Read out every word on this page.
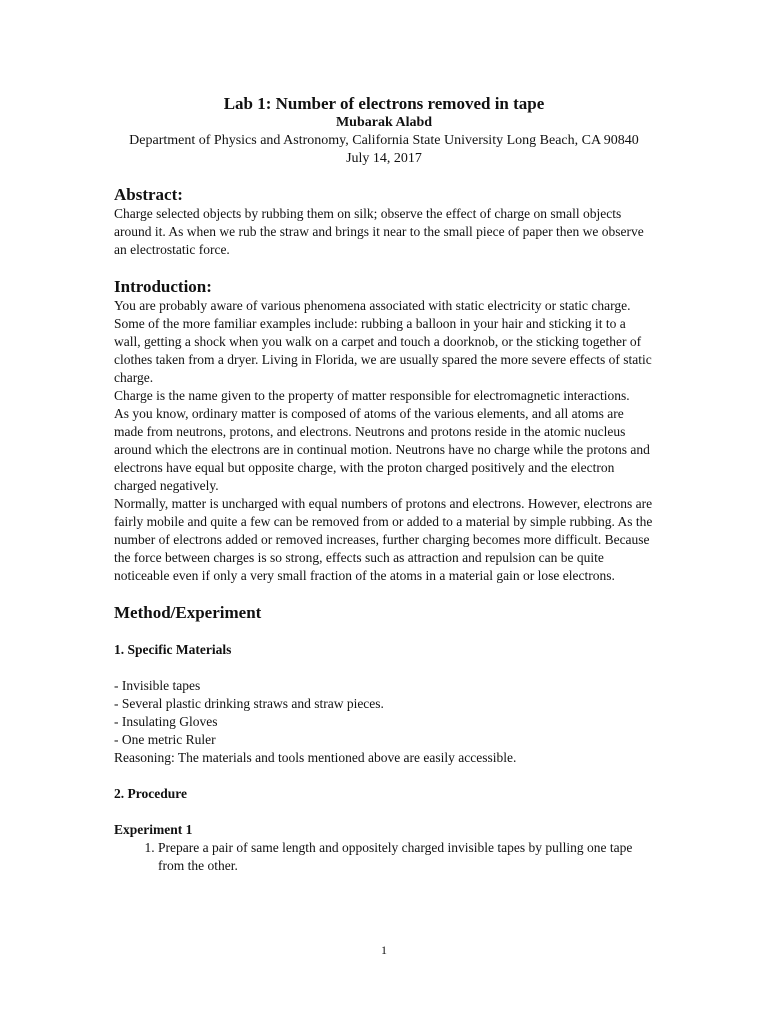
Lab 1: Number of electrons removed in tape

Mubarak Alabd

Department of Physics and Astronomy, California State University Long Beach, CA 90840

July 14, 2017

Abstract:

Charge selected objects by rubbing them on silk; observe the effect of charge on small objects around it. As when we rub the straw and brings it near to the small piece of paper then we observe an electrostatic force.

Introduction:

You are probably aware of various phenomena associated with static electricity or static charge. Some of the more familiar examples include: rubbing a balloon in your hair and sticking it to a wall, getting a shock when you walk on a carpet and touch a doorknob, or the sticking together of clothes taken from a dryer. Living in Florida, we are usually spared the more severe effects of static charge.

Charge is the name given to the property of matter responsible for electromagnetic interactions.

As you know, ordinary matter is composed of atoms of the various elements, and all atoms are made from neutrons, protons, and electrons. Neutrons and protons reside in the atomic nucleus around which the electrons are in continual motion. Neutrons have no charge while the protons and electrons have equal but opposite charge, with the proton charged positively and the electron charged negatively.

Normally, matter is uncharged with equal numbers of protons and electrons. However, electrons are fairly mobile and quite a few can be removed from or added to a material by simple rubbing. As the number of electrons added or removed increases, further charging becomes more difficult. Because the force between charges is so strong, effects such as attraction and repulsion can be quite noticeable even if only a very small fraction of the atoms in a material gain or lose electrons.

Method/Experiment
1. Specific Materials

- Invisible tapes

- Several plastic drinking straws and straw pieces.

- Insulating Gloves

- One metric Ruler

Reasoning: The materials and tools mentioned above are easily accessible.

2. Procedure
Experiment 1
1. Prepare a pair of same length and oppositely charged invisible tapes by pulling one tape from the other.
1
